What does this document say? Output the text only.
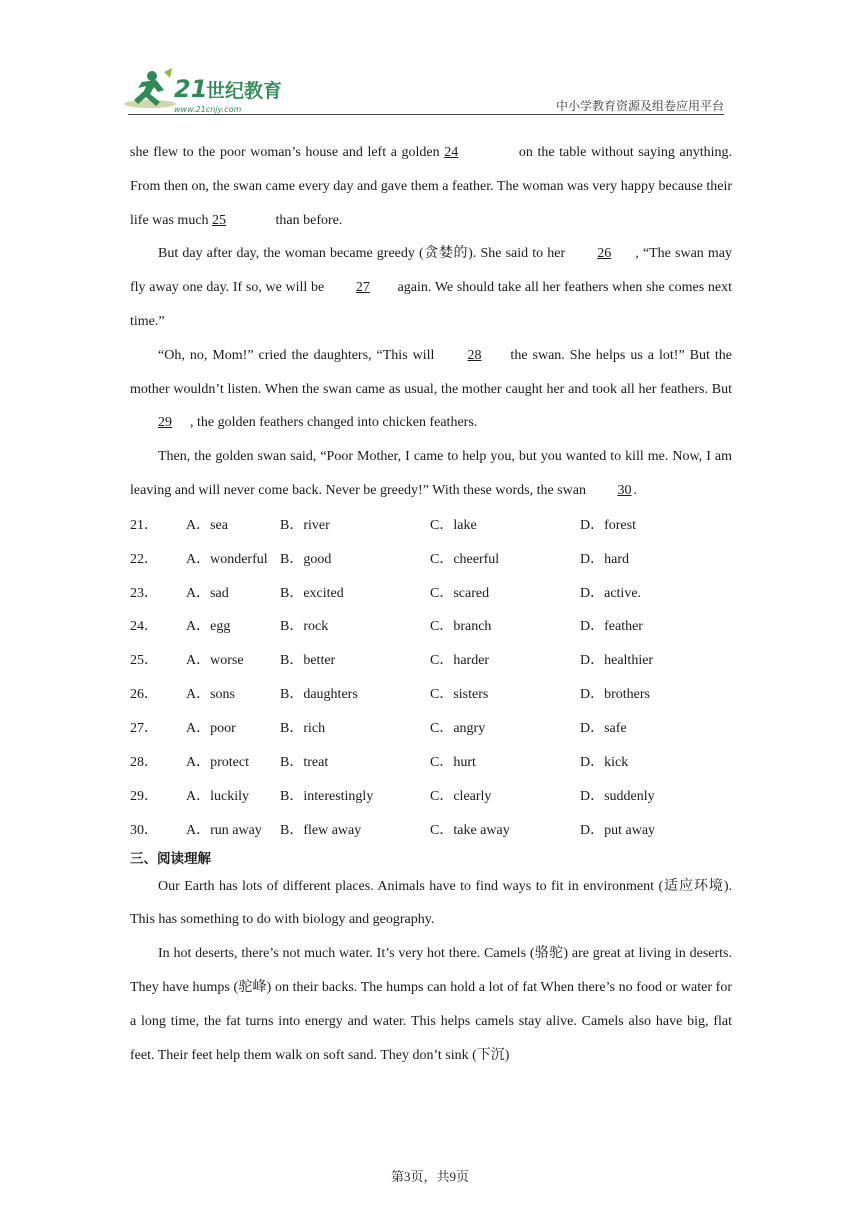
21
世纪教育
www.21cnjy.com	中小学教育资源及组卷应用平台

she flew to the poor woman’s house and left a golden 24	on the table without saying anything. From then on, the swan came every day and gave them a feather. The woman was very happy because their life was much 25	than before.

But day after day, the woman became greedy (贪婪的). She said to her 26 , “The swan may fly away one day. If so, we will be 27 again. We should take all her feathers when she comes next time.”

“Oh, no, Mom!” cried the daughters, “This will 28 the swan. She helps us a lot!” But the mother wouldn’t listen. When the swan came as usual, the mother caught her and took all her feathers. But 29 , the golden feathers changed into chicken feathers.

Then, the golden swan said, “Poor Mother, I came to help you, but you wanted to kill me. Now, I am leaving and will never come back. Never be greedy!” With these words, the swan 30 .

21．	A．sea	B．river	C．lake	D．forest
22．	A．wonderful B．good	C．cheerful	D．hard
23．	A．sad	B．excited	C．scared	D．active.
24．	A．egg	B．rock	C．branch	D．feather
25．	A．worse	B．better	C．harder	D．healthier
26．	A．sons	B．daughters	C．sisters	D．brothers
27．	A．poor	B．rich	C．angry	D．safe
28．	A．protect	B．treat	C．hurt	D．kick
29．	A．luckily	B．interestingly	C．clearly	D．suddenly
30．	A．run away	B．flew away	C．take away	D．put away

三、阅读理解

Our Earth has lots of different places. Animals have to find ways to fit in environment (适应环境). This has something to do with biology and geography.

In hot deserts, there’s not much water. It’s very hot there. Camels (骆驼) are great at living in deserts. They have humps (驼峰) on their backs. The humps can hold a lot of fat When there’s no food or water for a long time, the fat turns into energy and water. This helps camels stay alive. Camels also have big, flat feet. Their feet help them walk on soft sand. They don’t sink (下沉)

第3页，共9页
